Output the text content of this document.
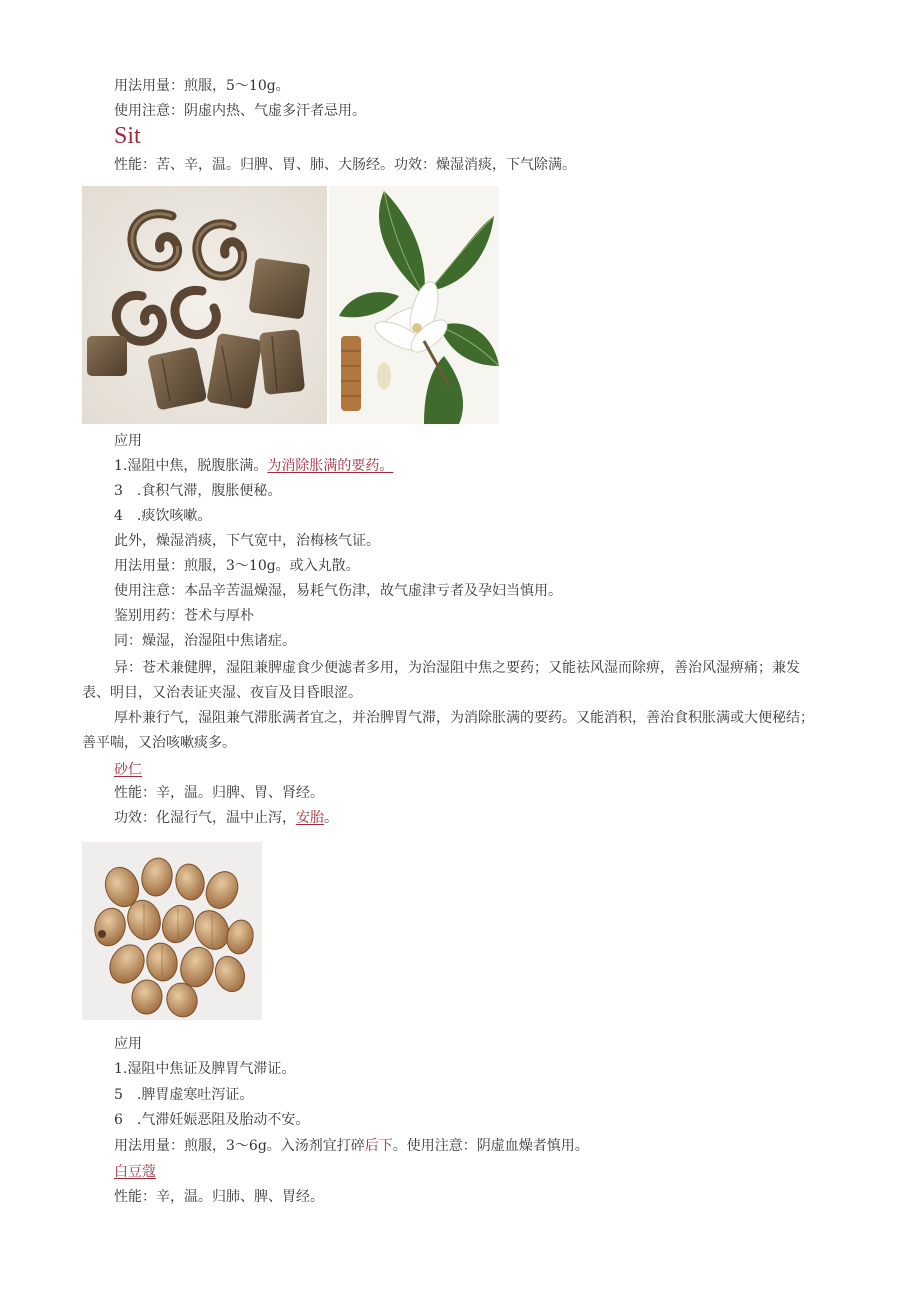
用法用量：煎服，5～10g。
使用注意：阴虚内热、气虚多汗者忌用。
Sit
性能：苦、辛，温。归脾、胃、肺、大肠经。功效：燥湿消痰，下气除满。
应用
1.湿阻中焦，脱腹胀满。为消除胀满的要药。
3　.食积气滞，腹胀便秘。
4　.痰饮咳嗽。
此外，燥湿消痰，下气宽中，治梅核气证。
用法用量：煎服，3～10g。或入丸散。
使用注意：本品辛苦温燥湿，易耗气伤津，故气虚津亏者及孕妇当慎用。
鉴别用药：苍术与厚朴
同：燥湿，治湿阻中焦诸症。
异：苍术兼健脾，湿阻兼脾虚食少便滤者多用，为治湿阻中焦之要药；又能祛风湿而除痹，善治风湿痹痛；兼发表、明目，又治表证夹湿、夜盲及目昏眼涩。
厚朴兼行气，湿阻兼气滞胀满者宜之，并治脾胃气滞，为消除胀满的要药。又能消积，善治食积胀满或大便秘结；善平喘，又治咳嗽痰多。
砂仁
性能：辛，温。归脾、胃、肾经。
功效：化湿行气，温中止泻，安胎。
应用
1.湿阻中焦证及脾胃气滞证。
5　.脾胃虚寒吐泻证。
6　.气滞妊娠恶阻及胎动不安。
用法用量：煎服，3～6g。入汤剂宜打碎后下。使用注意：阴虚血燥者慎用。
白豆蔻
性能：辛，温。归肺、脾、胃经。
